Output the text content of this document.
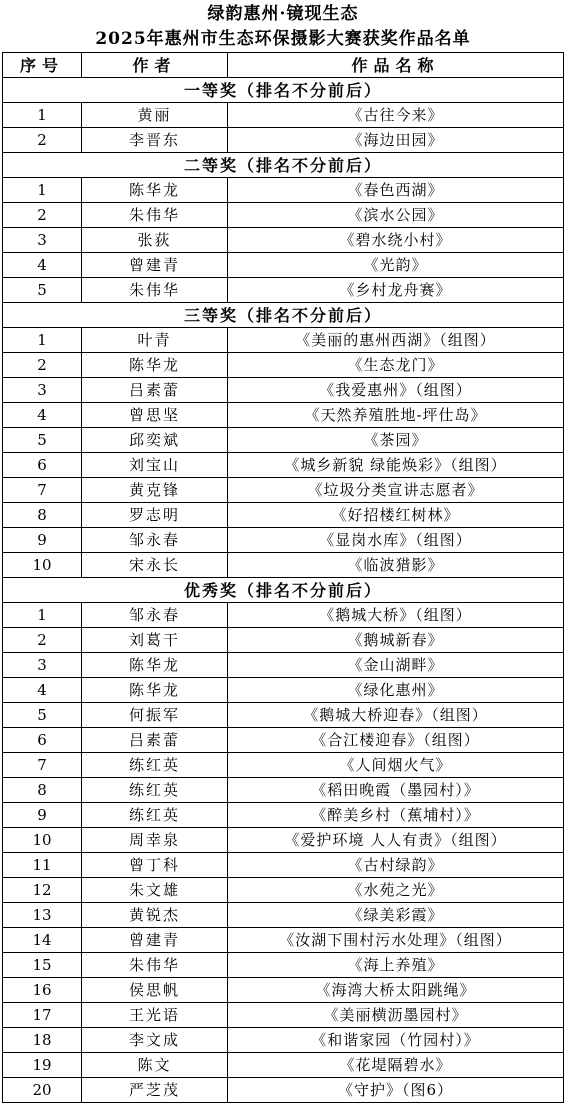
绿韵惠州·镜现生态
2025年惠州市生态环保摄影大赛获奖作品名单
序号	作者	作品名称
一等奖（排名不分前后）		
1	黄丽	《古往今来》
2	李晋东	《海边田园》
二等奖（排名不分前后）		
1	陈华龙	《春色西湖》
2	朱伟华	《滨水公园》
3	张荻	《碧水绕小村》
4	曾建青	《光韵》
5	朱伟华	《乡村龙舟赛》
三等奖（排名不分前后）		
1	叶青	《美丽的惠州西湖》（组图）
2	陈华龙	《生态龙门》
3	吕素蕾	《我爱惠州》（组图）
4	曾思坚	《天然养殖胜地-坪仕岛》
5	邱奕斌	《茶园》
6	刘宝山	《城乡新貌 绿能焕彩》（组图）
7	黄克锋	《垃圾分类宣讲志愿者》
8	罗志明	《好招楼红树林》
9	邹永春	《显岗水库》（组图）
10	宋永长	《临波猎影》
优秀奖（排名不分前后）		
1	邹永春	《鹅城大桥》（组图）
2	刘葛干	《鹅城新春》
3	陈华龙	《金山湖畔》
4	陈华龙	《绿化惠州》
5	何振军	《鹅城大桥迎春》（组图）
6	吕素蕾	《合江楼迎春》（组图）
7	练红英	《人间烟火气》
8	练红英	《稻田晚霞（墨园村）》
9	练红英	《醉美乡村（蕉埔村）》
10	周幸泉	《爱护环境 人人有责》（组图）
11	曾丁科	《古村绿韵》
12	朱文雄	《水苑之光》
13	黄锐杰	《绿美彩霞》
14	曾建青	《汝湖下围村污水处理》（组图）
15	朱伟华	《海上养殖》
16	侯思帆	《海湾大桥太阳跳绳》
17	王光语	《美丽横沥墨园村》
18	李文成	《和谐家园（竹园村）》
19	陈文	《花堤隔碧水》
20	严芝茂	《守护》（图6）
